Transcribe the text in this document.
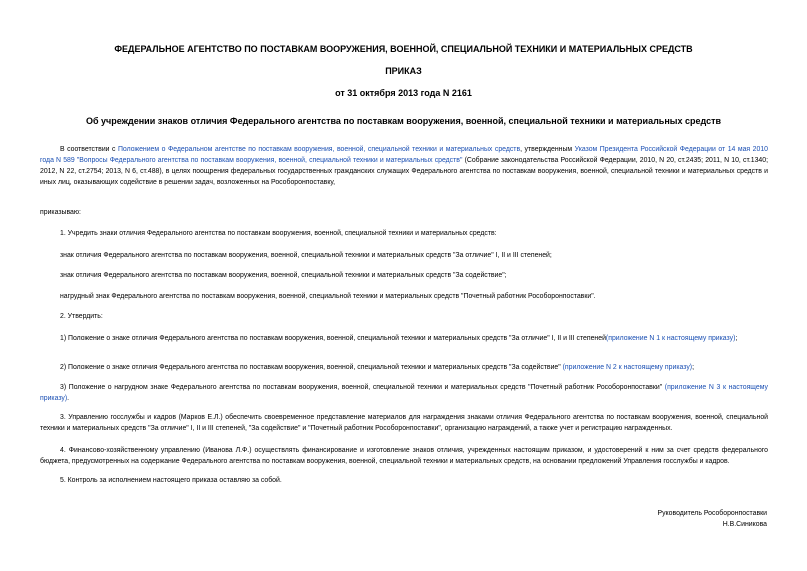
ФЕДЕРАЛЬНОЕ АГЕНТСТВО ПО ПОСТАВКАМ ВООРУЖЕНИЯ, ВОЕННОЙ, СПЕЦИАЛЬНОЙ ТЕХНИКИ И МАТЕРИАЛЬНЫХ СРЕДСТВ
ПРИКАЗ
от 31 октября 2013 года N 2161
Об учреждении знаков отличия Федерального агентства по поставкам вооружения, военной, специальной техники и материальных средств
В соответствии с Положением о Федеральном агентстве по поставкам вооружения, военной, специальной техники и материальных средств, утвержденным Указом Президента Российской Федерации от 14 мая 2010 года N 589 "Вопросы Федерального агентства по поставкам вооружения, военной, специальной техники и материальных средств" (Собрание законодательства Российской Федерации, 2010, N 20, ст.2435; 2011, N 10, ст.1340; 2012, N 22, ст.2754; 2013, N 6, ст.488), в целях поощрения федеральных государственных гражданских служащих Федерального агентства по поставкам вооружения, военной, специальной техники и материальных средств и иных лиц, оказывающих содействие в решении задач, возложенных на Рособоронпоставку,
приказываю:
1. Учредить знаки отличия Федерального агентства по поставкам вооружения, военной, специальной техники и материальных средств:
знак отличия Федерального агентства по поставкам вооружения, военной, специальной техники и материальных средств "За отличие" I, II и III степеней;
знак отличия Федерального агентства по поставкам вооружения, военной, специальной техники и материальных средств "За содействие";
нагрудный знак Федерального агентства по поставкам вооружения, военной, специальной техники и материальных средств "Почетный работник Рособоронпоставки".
2. Утвердить:
1) Положение о знаке отличия Федерального агентства по поставкам вооружения, военной, специальной техники и материальных средств "За отличие" I, II и III степеней(приложение N 1 к настоящему приказу);
2) Положение о знаке отличия Федерального агентства по поставкам вооружения, военной, специальной техники и материальных средств "За содействие" (приложение N 2 к настоящему приказу);
3) Положение о нагрудном знаке Федерального агентства по поставкам вооружения, военной, специальной техники и материальных средств "Почетный работник Рособоронпоставки" (приложение N 3 к настоящему приказу).
3. Управлению госслужбы и кадров (Марков Е.Л.) обеспечить своевременное представление материалов для награждения знаками отличия Федерального агентства по поставкам вооружения, военной, специальной техники и материальных средств "За отличие" I, II и III степеней, "За содействие" и "Почетный работник Рособоронпоставки", организацию награждений, а также учет и регистрацию награжденных.
4. Финансово-хозяйственному управлению (Иванова Л.Ф.) осуществлять финансирование и изготовление знаков отличия, учрежденных настоящим приказом, и удостоверений к ним за счет средств федерального бюджета, предусмотренных на содержание Федерального агентства по поставкам вооружения, военной, специальной техники и материальных средств, на основании предложений Управления госслужбы и кадров.
5. Контроль за исполнением настоящего приказа оставляю за собой.
Руководитель Рособоронпоставки
Н.В.Синикова
